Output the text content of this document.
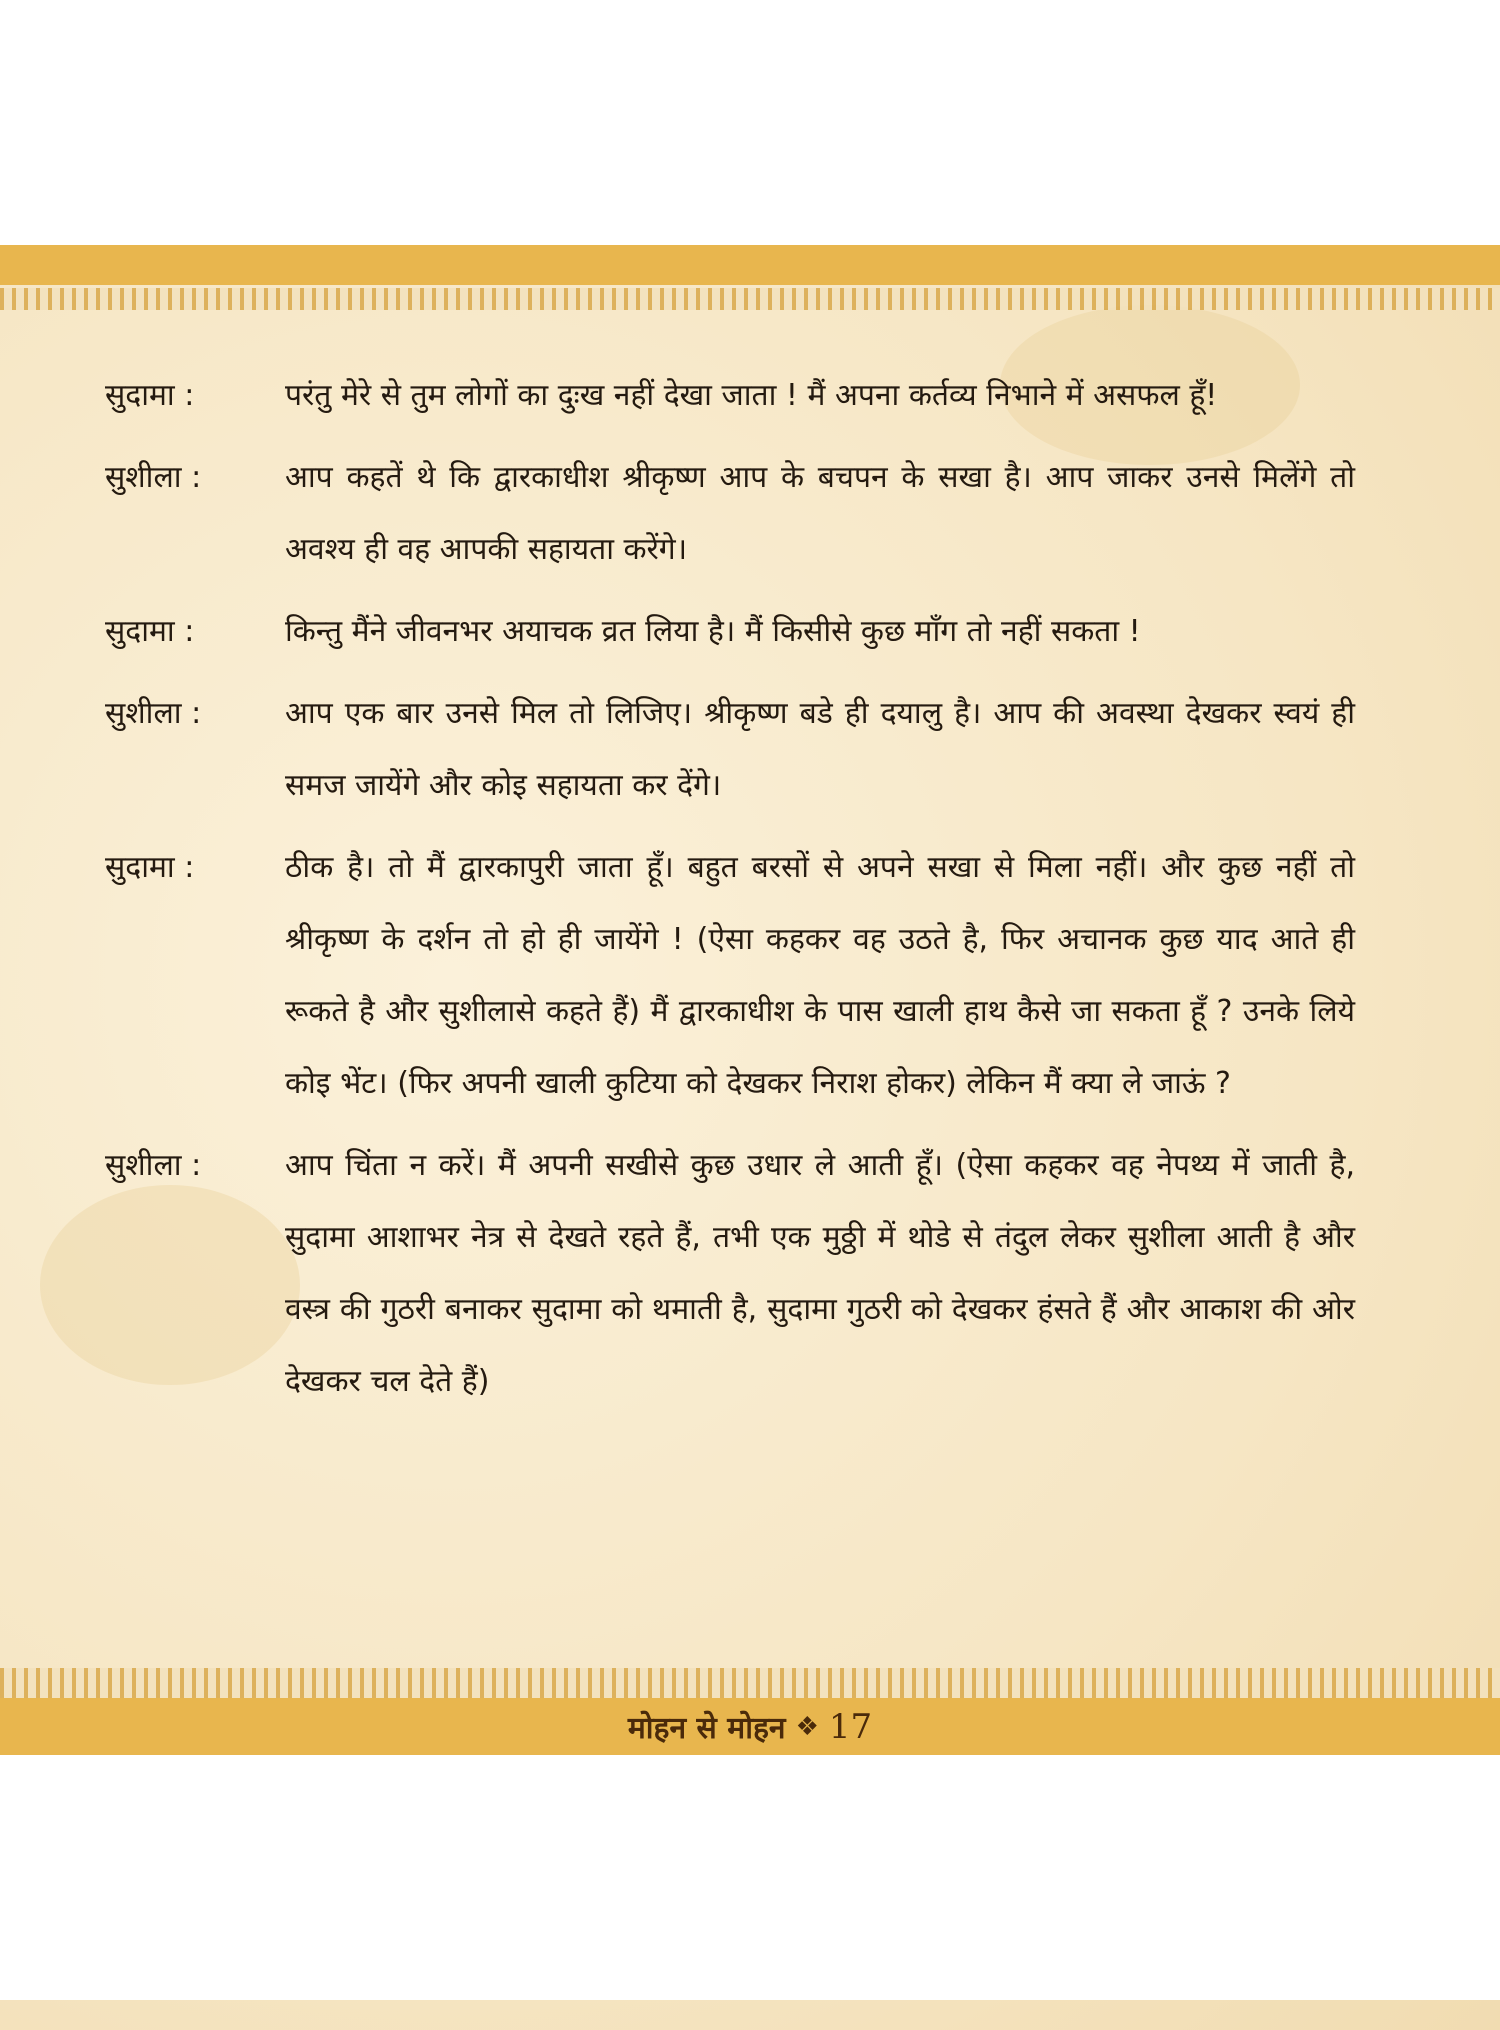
सुदामा :	परंतु मेरे से तुम लोगों का दुःख नहीं देखा जाता ! मैं अपना कर्तव्य निभाने में असफल हूँ!
सुशीला :	आप कहतें थे कि द्वारकाधीश श्रीकृष्ण आप के बचपन के सखा है। आप जाकर उनसे मिलेंगे तो अवश्य ही वह आपकी सहायता करेंगे।
सुदामा :	किन्तु मैंने जीवनभर अयाचक व्रत लिया है। मैं किसीसे कुछ माँग तो नहीं सकता !
सुशीला :	आप एक बार उनसे मिल तो लिजिए। श्रीकृष्ण बडे ही दयालु है। आप की अवस्था देखकर स्वयं ही समज जायेंगे और कोइ सहायता कर देंगे।
सुदामा :	ठीक है। तो मैं द्वारकापुरी जाता हूँ। बहुत बरसों से अपने सखा से मिला नहीं। और कुछ नहीं तो श्रीकृष्ण के दर्शन तो हो ही जायेंगे ! (ऐसा कहकर वह उठते है, फिर अचानक कुछ याद आते ही रूकते है और सुशीलासे कहते हैं) मैं द्वारकाधीश के पास खाली हाथ कैसे जा सकता हूँ ? उनके लिये कोइ भेंट। (फिर अपनी खाली कुटिया को देखकर निराश होकर) लेकिन मैं क्या ले जाऊं ?
सुशीला :	आप चिंता न करें। मैं अपनी सखीसे कुछ उधार ले आती हूँ। (ऐसा कहकर वह नेपथ्य में जाती है, सुदामा आशाभर नेत्र से देखते रहते हैं, तभी एक मुठ्ठी में थोडे से तंदुल लेकर सुशीला आती है और वस्त्र की गुठरी बनाकर सुदामा को थमाती है, सुदामा गुठरी को देखकर हंसते हैं और आकाश की ओर देखकर चल देते हैं)
मोहन से मोहन ❖ 17
